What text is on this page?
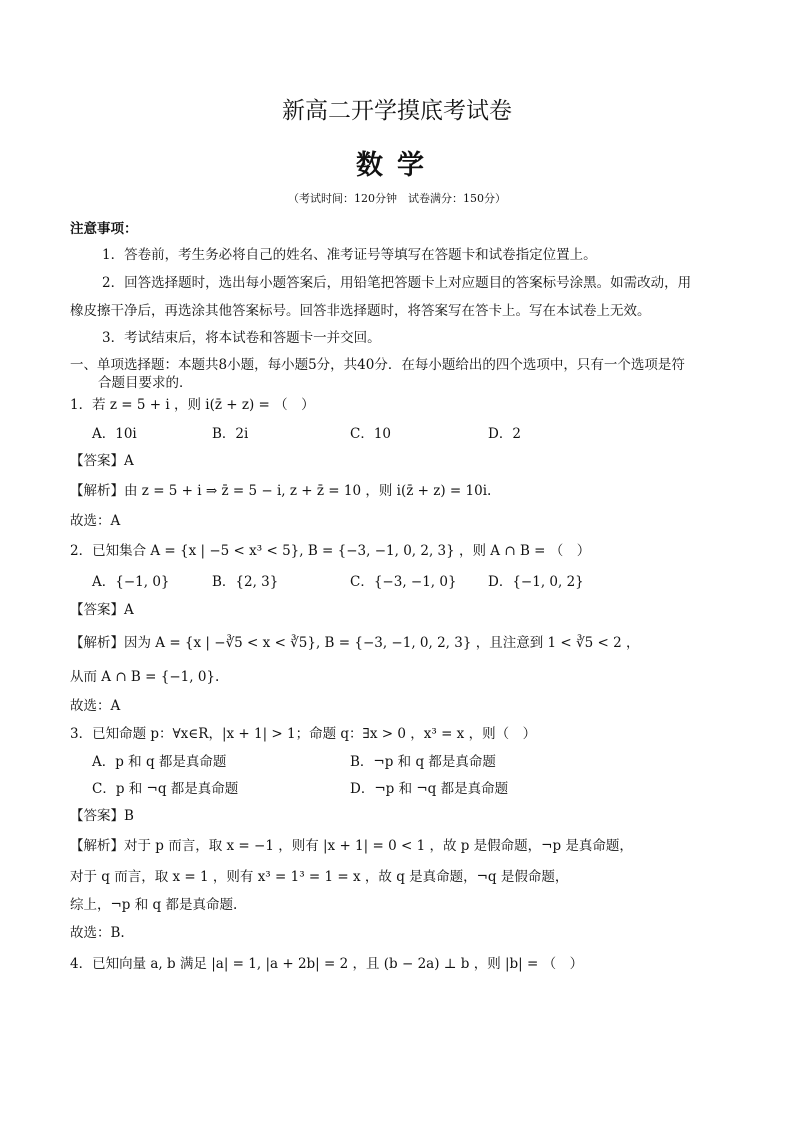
新高二开学摸底考试卷
数学
（考试时间：120分钟　试卷满分：150分）
注意事项：
1．答卷前，考生务必将自己的姓名、准考证号等填写在答题卡和试卷指定位置上。
2．回答选择题时，选出每小题答案后，用铅笔把答题卡上对应题目的答案标号涂黑。如需改动，用
橡皮擦干净后，再选涂其他答案标号。回答非选择题时，将答案写在答卡上。写在本试卷上无效。
3．考试结束后，将本试卷和答题卡一并交回。
一、单项选择题：本题共8小题，每小题5分，共40分．在每小题给出的四个选项中，只有一个选项是符
合题目要求的．
1．若 z = 5 + i ，则 i(z̄ + z) = （　）
A．10i	B．2i	C．10	D．2
【答案】A
【解析】由 z = 5 + i ⇒ z̄ = 5 − i, z + z̄ = 10 ，则 i(z̄ + z) = 10i.
故选：A
2．已知集合 A = {x | −5 < x³ < 5}, B = {−3, −1, 0, 2, 3} ，则 A ∩ B = （　）
A．{−1, 0}	B．{2, 3}	C．{−3, −1, 0} D．{−1, 0, 2}
【答案】A
【解析】因为 A = {x | −∛5 < x < ∛5}, B = {−3, −1, 0, 2, 3} ，且注意到 1 < ∛5 < 2 ，
从而 A ∩ B = {−1, 0}.
故选：A
3．已知命题 p：∀x∈R，|x + 1| > 1；命题 q：∃x > 0 ，x³ = x ，则（　）
A．p 和 q 都是真命题	B．¬p 和 q 都是真命题
C．p 和 ¬q 都是真命题	D．¬p 和 ¬q 都是真命题
【答案】B
【解析】对于 p 而言，取 x = −1 ，则有 |x + 1| = 0 < 1 ，故 p 是假命题，¬p 是真命题，
对于 q 而言，取 x = 1 ，则有 x³ = 1³ = 1 = x ，故 q 是真命题，¬q 是假命题，
综上，¬p 和 q 都是真命题.
故选：B.
4．已知向量 a, b 满足 |a| = 1, |a + 2b| = 2 ，且 (b − 2a) ⊥ b ，则 |b| = （　）
